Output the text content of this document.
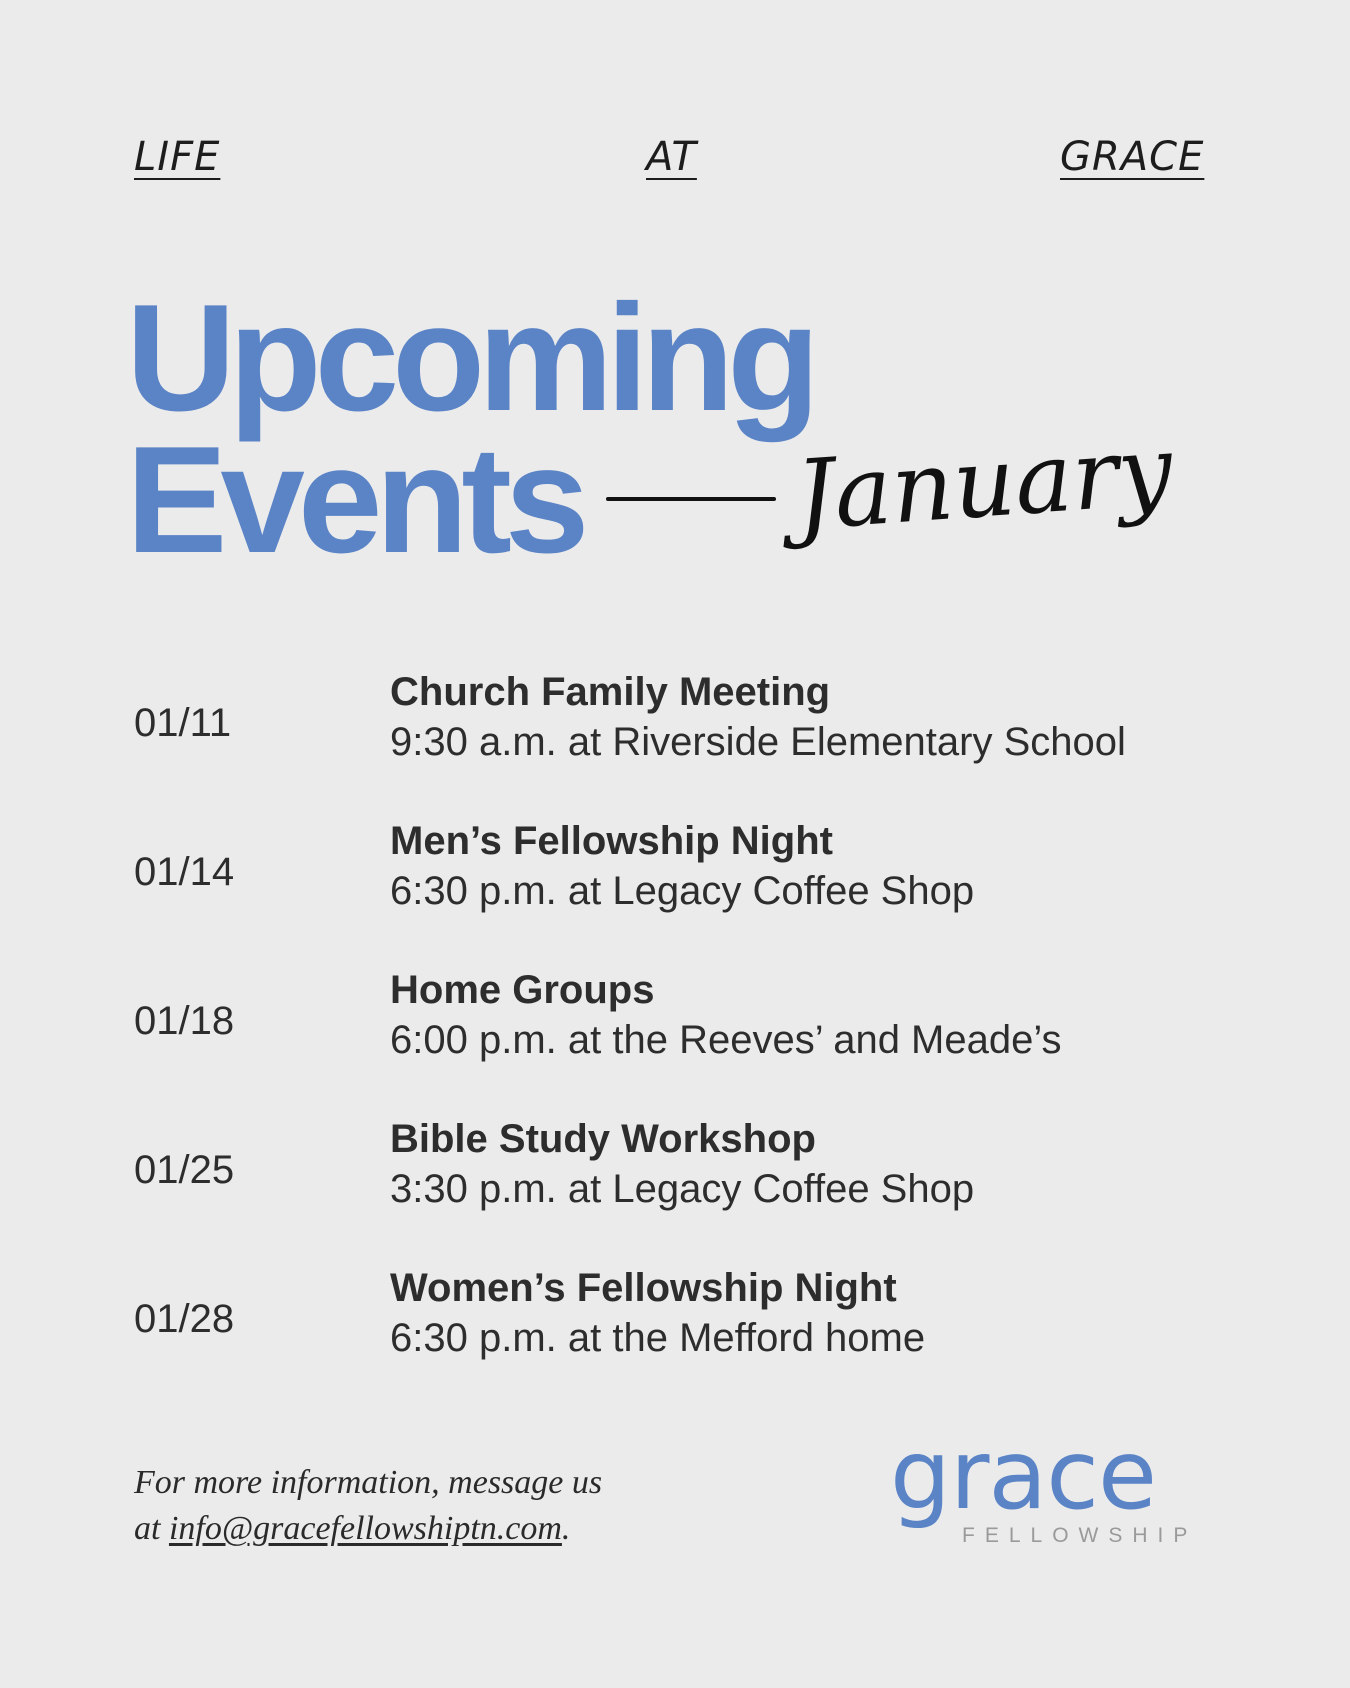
LIFE	AT	GRACE
Upcoming
Events January
01/11
Church Family Meeting
9:30 a.m. at Riverside Elementary School
01/14
Men’s Fellowship Night
6:30 p.m. at Legacy Coffee Shop
01/18
Home Groups
6:00 p.m. at the Reeves’ and Meade’s
01/25
Bible Study Workshop
3:30 p.m. at Legacy Coffee Shop
01/28
Women’s Fellowship Night
6:30 p.m. at the Mefford home
For more information, message us
at info@gracefellowshiptn.com.	grace
FELLOWSHIP
